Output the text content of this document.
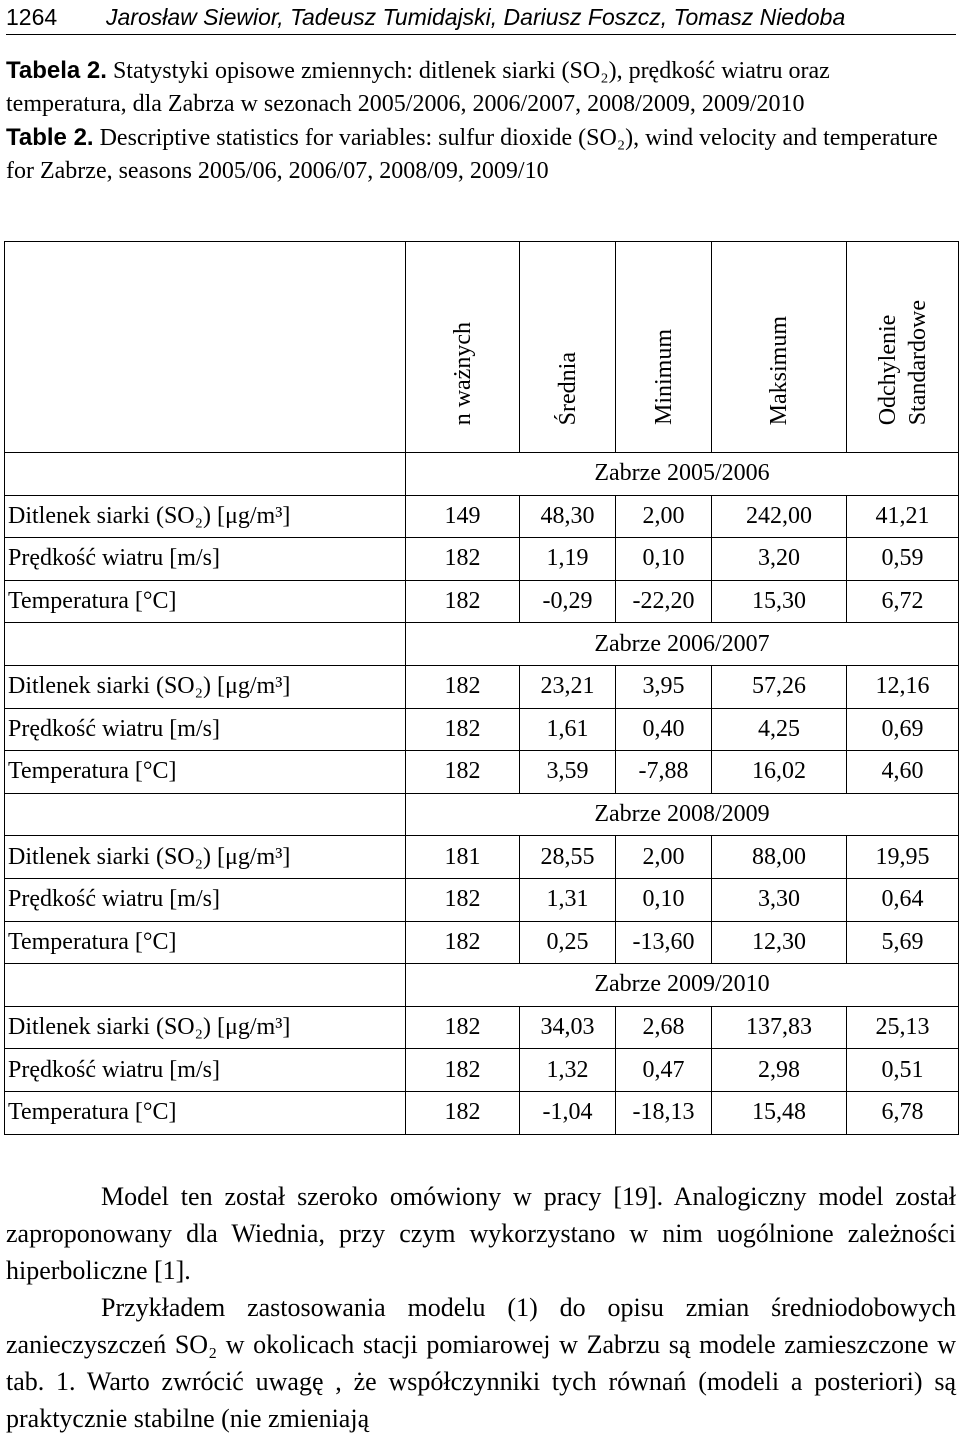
1264	Jarosław Siewior, Tadeusz Tumidajski, Dariusz Foszcz, Tomasz Niedoba

Tabela 2. Statystyki opisowe zmiennych: ditlenek siarki (SO₂), prędkość wiatru oraz temperatura, dla Zabrza w sezonach 2005/2006, 2006/2007, 2008/2009, 2009/2010

Table 2. Descriptive statistics for variables: sulfur dioxide (SO₂), wind velocity and temperature for Zabrze, seasons 2005/06, 2006/07, 2008/09, 2009/10

	n ważnych	Średnia	Minimum	Maksimum	Odchylenie Standardowe
	Zabrze 2005/2006				
Ditlenek siarki (SO₂) [μg/m³]	149	48,30	2,00	242,00	41,21
Prędkość wiatru [m/s]	182	1,19	0,10	3,20	0,59
Temperatura [°C]	182	-0,29	-22,20	15,30	6,72
	Zabrze 2006/2007				
Ditlenek siarki (SO₂) [μg/m³]	182	23,21	3,95	57,26	12,16
Prędkość wiatru [m/s]	182	1,61	0,40	4,25	0,69
Temperatura [°C]	182	3,59	-7,88	16,02	4,60
	Zabrze 2008/2009				
Ditlenek siarki (SO₂) [μg/m³]	181	28,55	2,00	88,00	19,95
Prędkość wiatru [m/s]	182	1,31	0,10	3,30	0,64
Temperatura [°C]	182	0,25	-13,60	12,30	5,69
	Zabrze 2009/2010				
Ditlenek siarki (SO₂) [μg/m³]	182	34,03	2,68	137,83	25,13
Prędkość wiatru [m/s]	182	1,32	0,47	2,98	0,51
Temperatura [°C]	182	-1,04	-18,13	15,48	6,78

Model ten został szeroko omówiony w pracy [19]. Analogiczny model został zaproponowany dla Wiednia, przy czym wykorzystano w nim uogólnione zależności hiperboliczne [1].

Przykładem zastosowania modelu (1) do opisu zmian średniodobowych zanieczyszczeń SO₂ w okolicach stacji pomiarowej w Zabrzu są modele zamieszczone w tab. 1. Warto zwrócić uwagę , że współczynniki tych równań (modeli a posteriori) są praktycznie stabilne (nie zmieniają
